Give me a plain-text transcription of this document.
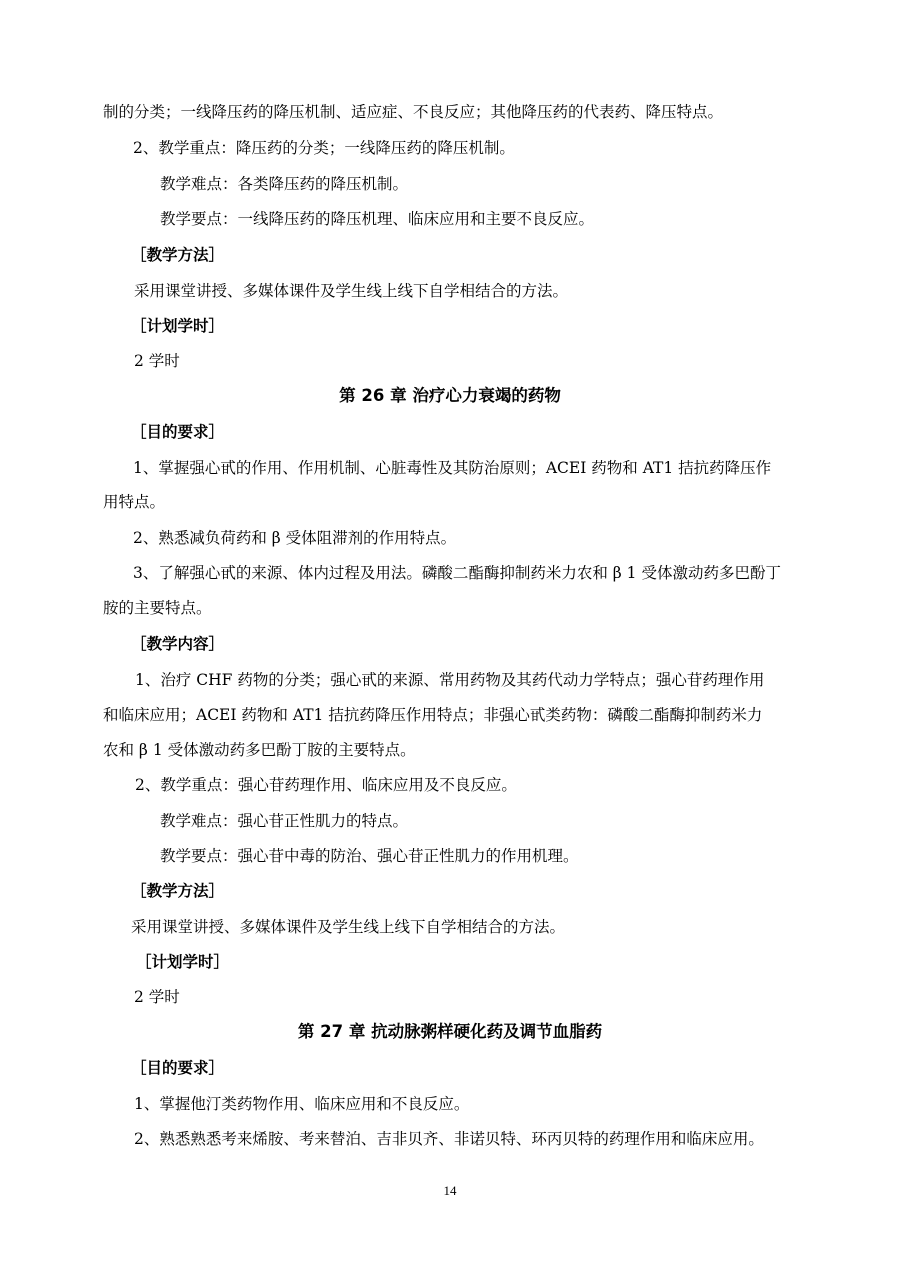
制的分类；一线降压药的降压机制、适应症、不良反应；其他降压药的代表药、降压特点。
2、教学重点：降压药的分类；一线降压药的降压机制。
教学难点：各类降压药的降压机制。
教学要点：一线降压药的降压机理、临床应用和主要不良反应。
［教学方法］
采用课堂讲授、多媒体课件及学生线上线下自学相结合的方法。
［计划学时］
2 学时
第 26 章 治疗心力衰竭的药物
［目的要求］
1、掌握强心甙的作用、作用机制、心脏毒性及其防治原则；ACEI 药物和 AT1 拮抗药降压作
用特点。
2、熟悉减负荷药和 β 受体阻滞剂的作用特点。
3、了解强心甙的来源、体内过程及用法。磷酸二酯酶抑制药米力农和 β 1 受体激动药多巴酚丁
胺的主要特点。
［教学内容］
1、治疗 CHF 药物的分类；强心甙的来源、常用药物及其药代动力学特点；强心苷药理作用
和临床应用；ACEI 药物和 AT1 拮抗药降压作用特点；非强心甙类药物：磷酸二酯酶抑制药米力
农和 β 1 受体激动药多巴酚丁胺的主要特点。
2、教学重点：强心苷药理作用、临床应用及不良反应。
教学难点：强心苷正性肌力的特点。
教学要点：强心苷中毒的防治、强心苷正性肌力的作用机理。
［教学方法］
采用课堂讲授、多媒体课件及学生线上线下自学相结合的方法。
［计划学时］
2 学时
第 27 章 抗动脉粥样硬化药及调节血脂药
［目的要求］
1、掌握他汀类药物作用、临床应用和不良反应。
2、熟悉熟悉考来烯胺、考来替泊、吉非贝齐、非诺贝特、环丙贝特的药理作用和临床应用。
14
